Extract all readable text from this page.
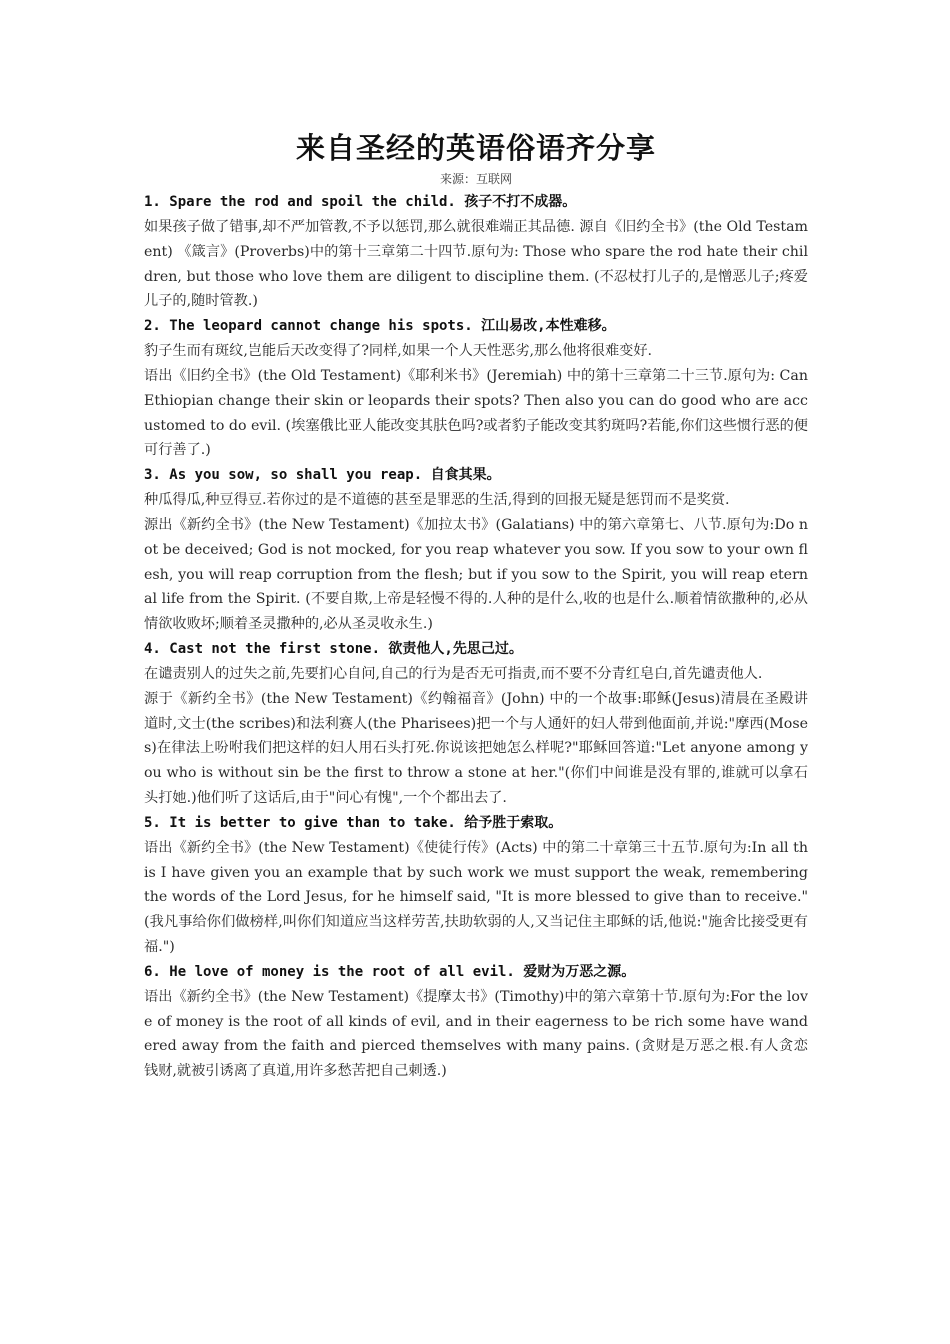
来自圣经的英语俗语齐分享
来源：互联网
1. Spare the rod and spoil the child. 孩子不打不成器。

如果孩子做了错事,却不严加管教,不予以惩罚,那么就很难端正其品德. 源自《旧约全书》(the Old Testament) 《箴言》(Proverbs)中的第十三章第二十四节.原句为: Those who spare the rod hate their children, but those who love them are diligent to discipline them. (不忍杖打儿子的,是憎恶儿子;疼爱儿子的,随时管教.)

2. The leopard cannot change his spots. 江山易改,本性难移。

豹子生而有斑纹,岂能后天改变得了?同样,如果一个人天性恶劣,那么他将很难变好.

语出《旧约全书》(the Old Testament)《耶利米书》(Jeremiah) 中的第十三章第二十三节.原句为: Can Ethiopian change their skin or leopards their spots? Then also you can do good who are accustomed to do evil. (埃塞俄比亚人能改变其肤色吗?或者豹子能改变其豹斑吗?若能,你们这些惯行恶的便可行善了.)

3. As you sow, so shall you reap. 自食其果。

种瓜得瓜,种豆得豆.若你过的是不道德的甚至是罪恶的生活,得到的回报无疑是惩罚而不是奖赏.

源出《新约全书》(the New Testament)《加拉太书》(Galatians) 中的第六章第七、八节.原句为:Do not be deceived; God is not mocked, for you reap whatever you sow. If you sow to your own flesh, you will reap corruption from the flesh; but if you sow to the Spirit, you will reap eternal life from the Spirit. (不要自欺,上帝是轻慢不得的.人种的是什么,收的也是什么.顺着情欲撒种的,必从情欲收败坏;顺着圣灵撒种的,必从圣灵收永生.)

4. Cast not the first stone. 欲责他人,先思己过。

在谴责别人的过失之前,先要扪心自问,自己的行为是否无可指责,而不要不分青红皂白,首先谴责他人.

源于《新约全书》(the New Testament)《约翰福音》(John) 中的一个故事:耶稣(Jesus)清晨在圣殿讲道时,文士(the scribes)和法利赛人(the Pharisees)把一个与人通奸的妇人带到他面前,并说:"摩西(Moses)在律法上吩咐我们把这样的妇人用石头打死.你说该把她怎么样呢?"耶稣回答道:"Let anyone among you who is without sin be the first to throw a stone at her."(你们中间谁是没有罪的,谁就可以拿石头打她.)他们听了这话后,由于"问心有愧",一个个都出去了.

5. It is better to give than to take. 给予胜于索取。

语出《新约全书》(the New Testament)《使徒行传》(Acts) 中的第二十章第三十五节.原句为:In all this I have given you an example that by such work we must support the weak, remembering the words of the Lord Jesus, for he himself said, "It is more blessed to give than to receive."(我凡事给你们做榜样,叫你们知道应当这样劳苦,扶助软弱的人,又当记住主耶稣的话,他说:"施舍比接受更有福.")

6. He love of money is the root of all evil. 爱财为万恶之源。

语出《新约全书》(the New Testament)《提摩太书》(Timothy)中的第六章第十节.原句为:For the love of money is the root of all kinds of evil, and in their eagerness to be rich some have wandered away from the faith and pierced themselves with many pains. (贪财是万恶之根.有人贪恋钱财,就被引诱离了真道,用许多愁苦把自己刺透.)
